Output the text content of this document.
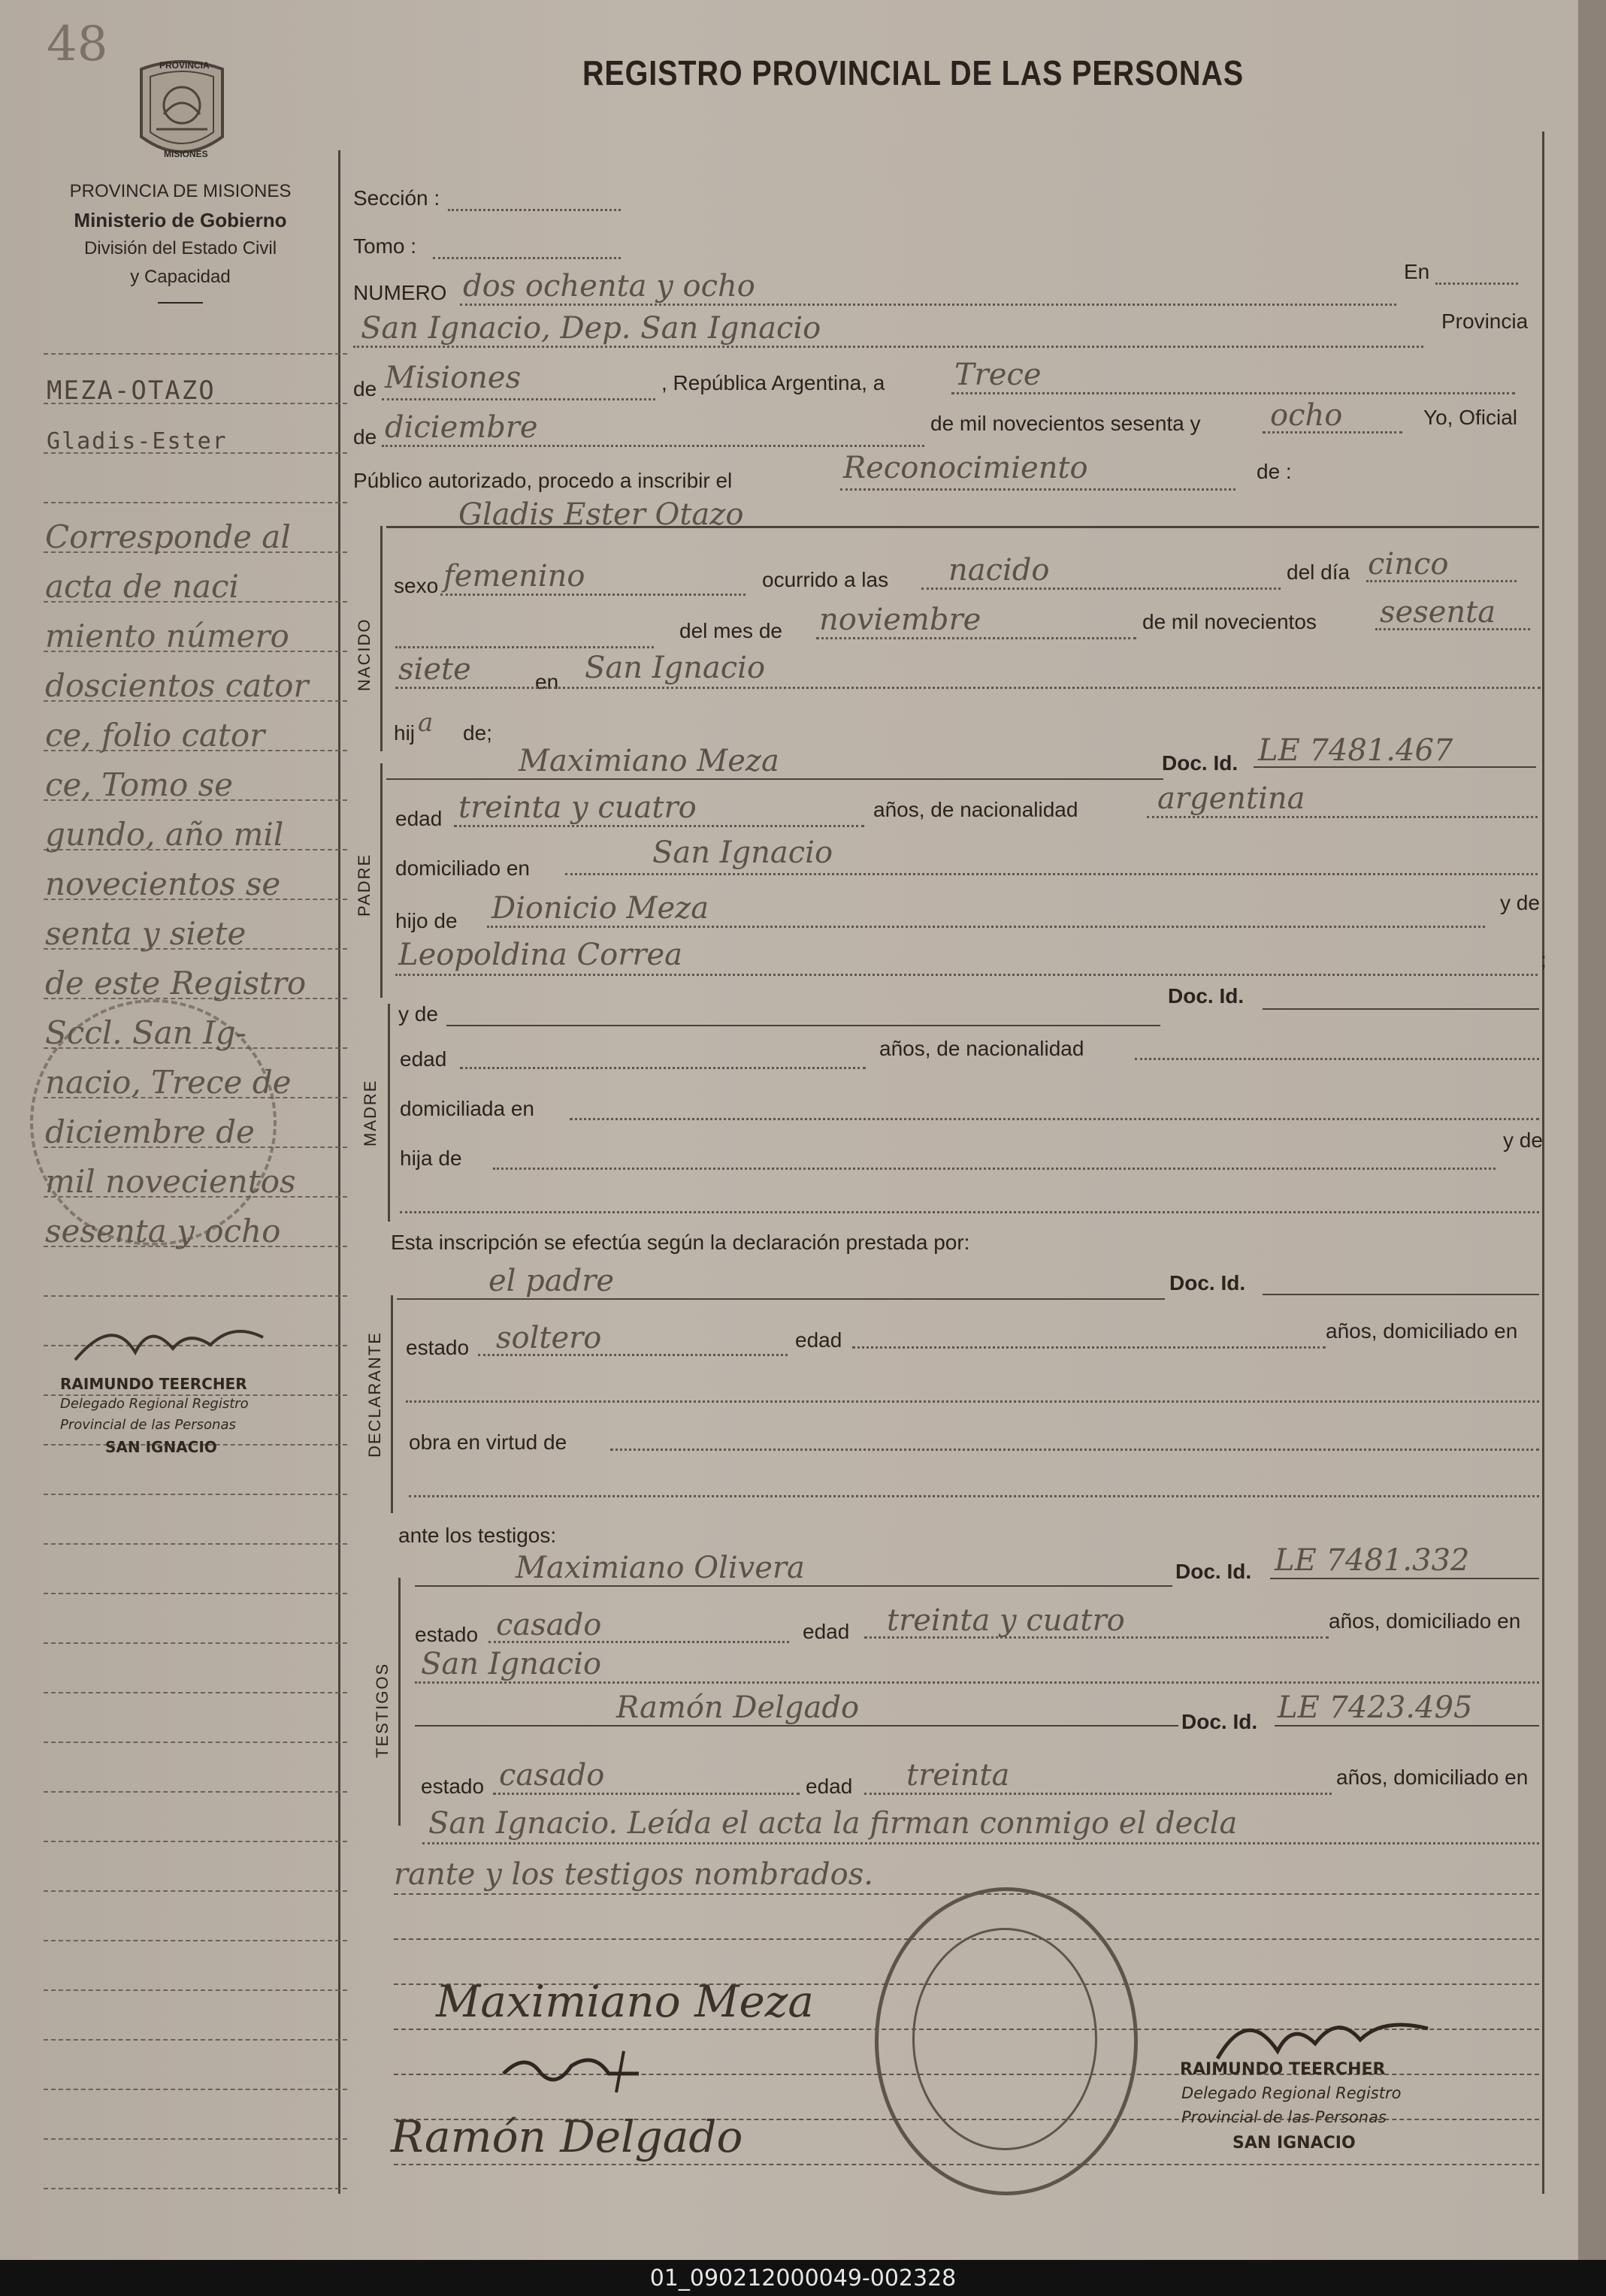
48	PROVINCIA
MISIONES
PROVINCIA DE MISIONES
Ministerio de Gobierno
División del Estado Civil
y Capacidad
REGISTRO PROVINCIAL DE LAS PERSONAS
MEZA-OTAZO
Gladis-Ester
Corresponde al
acta de naci
miento número
doscientos cator
ce, folio cator
ce, Tomo se
gundo, año mil
novecientos se
senta y siete
de este Registro
Sccl. San Ig-
nacio, Trece de
diciembre de
mil novecientos
sesenta y ocho
RAIMUNDO TEERCHER
Delegado Regional Registro
Provincial de las Personas
SAN IGNACIO
Sección :
Tomo :
NUMERO dos ochenta y ocho	En
San Ignacio, Dep. San Ignacio	Provincia
de Misiones	, República Argentina, a Trece
de diciembre	de mil novecientos sesenta y ocho	Yo, Oficial
Público autorizado, procedo a inscribir el	Reconocimiento	de :
NACIDO
Gladis Ester Otazo
sexo femenino	ocurrido a las nacido	del día cinco
del mes de noviembre	de mil novecientos sesenta
siete	en San Ignacio
hij a de;
PADRE
Maximiano Meza	Doc. Id. LE 7481.467
edad treinta y cuatro	años, de nacionalidad	argentina
domiciliado en	San Ignacio
hijo de Dionicio Meza	y de
Leopoldina Correa	;
MADRE
y de
Doc. Id.
edad	años, de nacionalidad
domiciliada en
hija de
y de
Esta inscripción se efectúa según la declaración prestada por:
DECLARANTE
el padre	Doc. Id.
estado soltero	edad	años, domiciliado en
obra en virtud de
ante los testigos:
TESTIGOS
Maximiano Olivera	Doc. Id. LE 7481.332
estado casado	edad treinta y cuatro	años, domiciliado en
San Ignacio
Ramón Delgado	Doc. Id. LE 7423.495
estado casado	edad treinta	años, domiciliado en
San Ignacio. Leída el acta la firman conmigo el decla
rante y los testigos nombrados.
Maximiano Meza
Ramón Delgado
RAIMUNDO TEERCHER
Delegado Regional Registro
Provincial de las Personas
SAN IGNACIO
01_090212000049-002328
